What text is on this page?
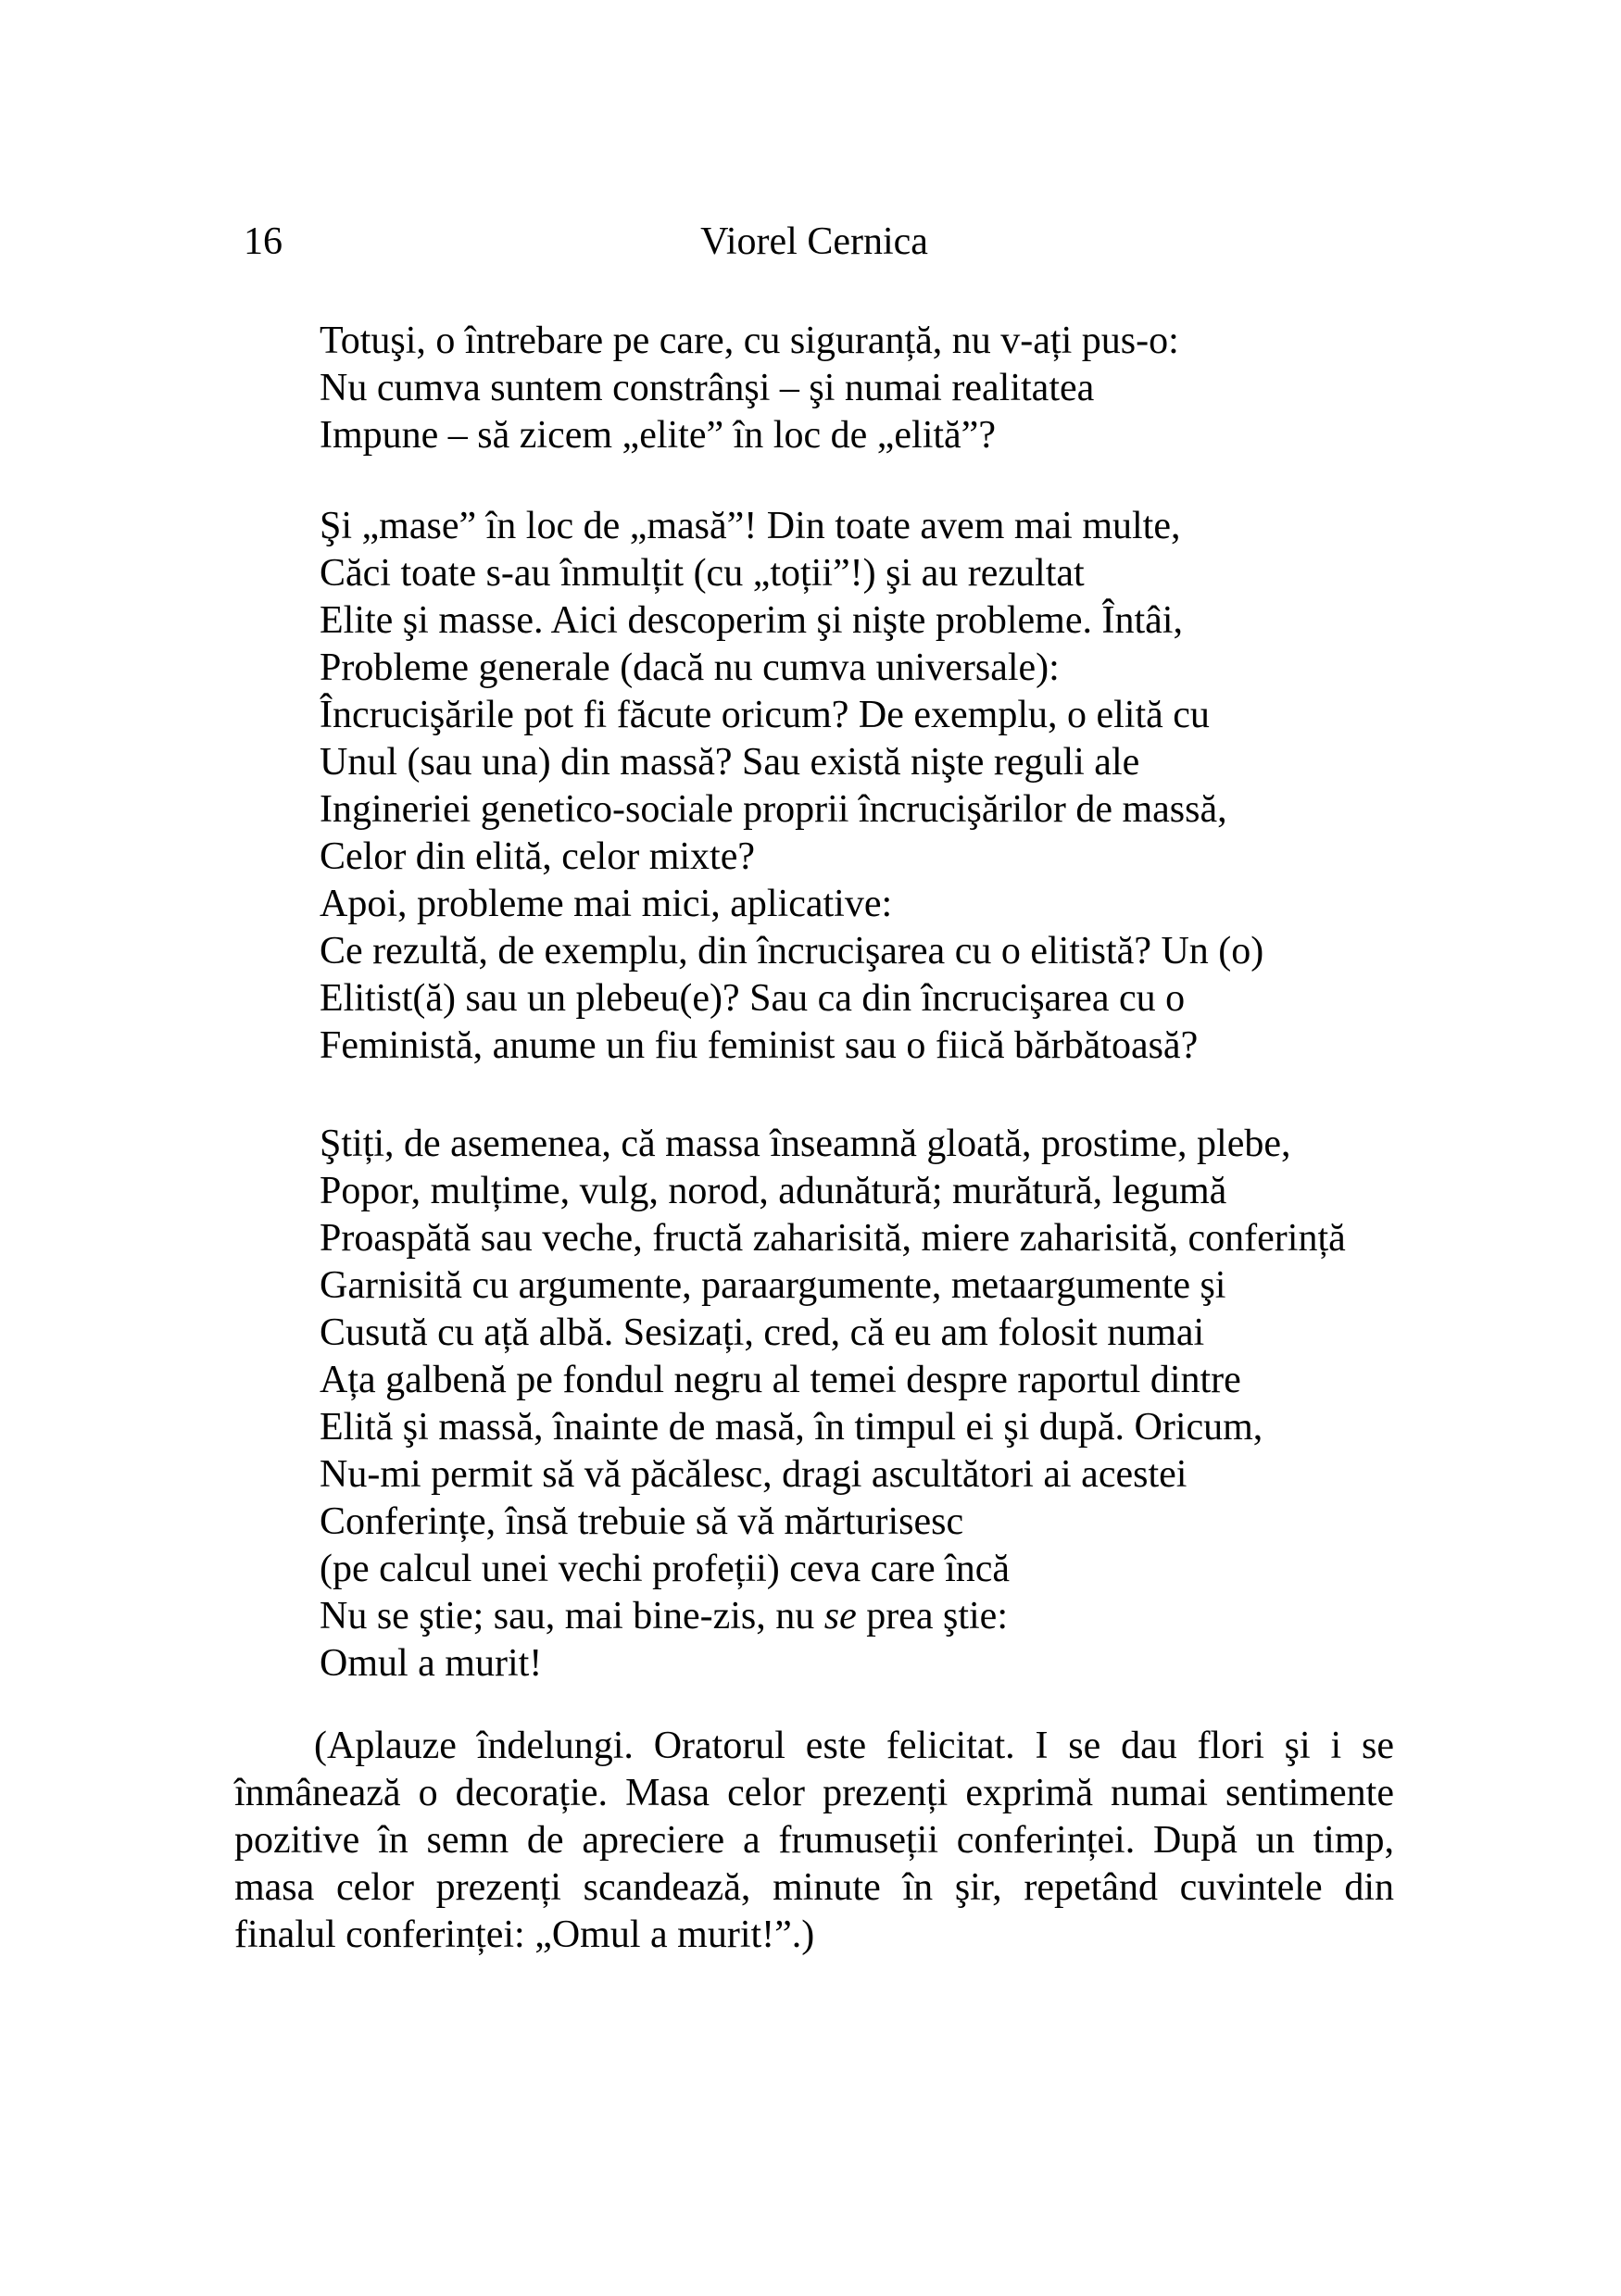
16	Viorel Cernica
Totuşi, o întrebare pe care, cu siguranță, nu v-ați pus-o:
Nu cumva suntem constrânşi – şi numai realitatea
Impune – să zicem „elite” în loc de „elită”?
Şi „mase” în loc de „masă”! Din toate avem mai multe,
Căci toate s-au înmulțit (cu „toții”!) şi au rezultat
Elite şi masse. Aici descoperim şi nişte probleme. Întâi,
Probleme generale (dacă nu cumva universale):
Încrucişările pot fi făcute oricum? De exemplu, o elită cu
Unul (sau una) din massă? Sau există nişte reguli ale
Ingineriei genetico-sociale proprii încrucişărilor de massă,
Celor din elită, celor mixte?
Apoi, probleme mai mici, aplicative:
Ce rezultă, de exemplu, din încrucişarea cu o elitistă? Un (o)
Elitist(ă) sau un plebeu(e)? Sau ca din încrucişarea cu o
Feministă, anume un fiu feminist sau o fiică bărbătoasă?
Ştiți, de asemenea, că massa înseamnă gloată, prostime, plebe,
Popor, mulțime, vulg, norod, adunătură; murătură, legumă
Proaspătă sau veche, fructă zaharisită, miere zaharisită, conferință
Garnisită cu argumente, paraargumente, metaargumente şi
Cusută cu ață albă. Sesizați, cred, că eu am folosit numai
Ața galbenă pe fondul negru al temei despre raportul dintre
Elită şi massă, înainte de masă, în timpul ei şi după. Oricum,
Nu-mi permit să vă păcălesc, dragi ascultători ai acestei
Conferințe, însă trebuie să vă mărturisesc
(pe calcul unei vechi profeții) ceva care încă
Nu se ştie; sau, mai bine-zis, nu se prea ştie:
Omul a murit!
(Aplauze îndelungi. Oratorul este felicitat. I se dau flori şi i se
înmânează o decorație. Masa celor prezenți exprimă numai sentimente
pozitive în semn de apreciere a frumuseții conferinței. După un timp,
masa celor prezenți scandează, minute în şir, repetând cuvintele din
finalul conferinței: „Omul a murit!”.)
